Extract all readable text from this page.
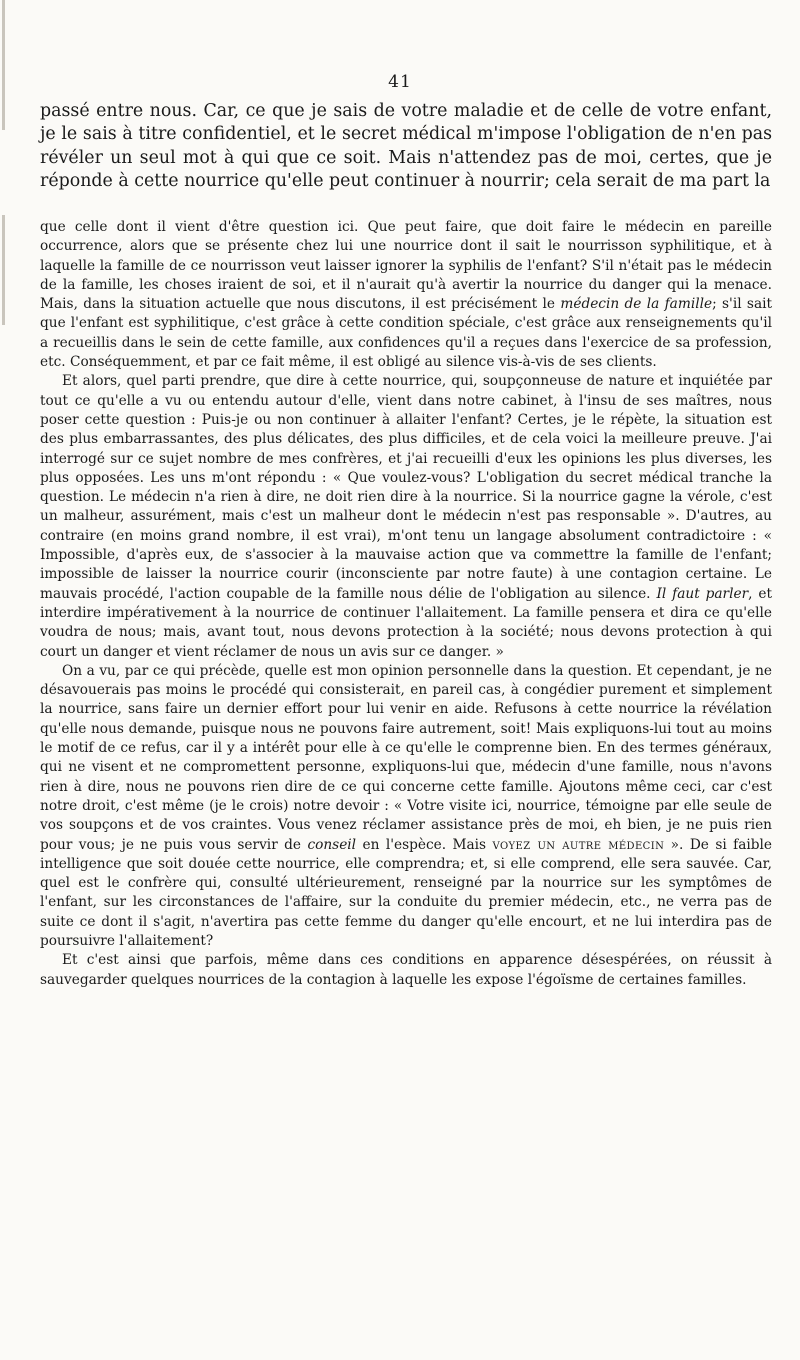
41

passé entre nous. Car, ce que je sais de votre maladie et de celle de votre enfant, je le sais à titre confidentiel, et le secret médical m'impose l'obligation de n'en pas révéler un seul mot à qui que ce soit. Mais n'attendez pas de moi, certes, que je réponde à cette nourrice qu'elle peut continuer à nourrir; cela serait de ma part la

que celle dont il vient d'être question ici. Que peut faire, que doit faire le médecin en pareille occurrence, alors que se présente chez lui une nourrice dont il sait le nourrisson syphilitique, et à laquelle la famille de ce nourrisson veut laisser ignorer la syphilis de l'enfant? S'il n'était pas le médecin de la famille, les choses iraient de soi, et il n'aurait qu'à avertir la nourrice du danger qui la menace. Mais, dans la situation actuelle que nous discutons, il est précisément le médecin de la famille; s'il sait que l'enfant est syphilitique, c'est grâce à cette condition spéciale, c'est grâce aux renseignements qu'il a recueillis dans le sein de cette famille, aux confidences qu'il a reçues dans l'exercice de sa profession, etc. Conséquemment, et par ce fait même, il est obligé au silence vis-à-vis de ses clients.

Et alors, quel parti prendre, que dire à cette nourrice, qui, soupçonneuse de nature et inquiétée par tout ce qu'elle a vu ou entendu autour d'elle, vient dans notre cabinet, à l'insu de ses maîtres, nous poser cette question : Puis-je ou non continuer à allaiter l'enfant? Certes, je le répète, la situation est des plus embarrassantes, des plus délicates, des plus difficiles, et de cela voici la meilleure preuve. J'ai interrogé sur ce sujet nombre de mes confrères, et j'ai recueilli d'eux les opinions les plus diverses, les plus opposées. Les uns m'ont répondu : « Que voulez-vous? L'obligation du secret médical tranche la question. Le médecin n'a rien à dire, ne doit rien dire à la nourrice. Si la nourrice gagne la vérole, c'est un malheur, assurément, mais c'est un malheur dont le médecin n'est pas responsable ». D'autres, au contraire (en moins grand nombre, il est vrai), m'ont tenu un langage absolument contradictoire : « Impossible, d'après eux, de s'associer à la mauvaise action que va commettre la famille de l'enfant; impossible de laisser la nourrice courir (inconsciente par notre faute) à une contagion certaine. Le mauvais procédé, l'action coupable de la famille nous délie de l'obligation au silence. Il faut parler, et interdire impérativement à la nourrice de continuer l'allaitement. La famille pensera et dira ce qu'elle voudra de nous; mais, avant tout, nous devons protection à la société; nous devons protection à qui court un danger et vient réclamer de nous un avis sur ce danger. »

On a vu, par ce qui précède, quelle est mon opinion personnelle dans la question. Et cependant, je ne désavouerais pas moins le procédé qui consisterait, en pareil cas, à congédier purement et simplement la nourrice, sans faire un dernier effort pour lui venir en aide. Refusons à cette nourrice la révélation qu'elle nous demande, puisque nous ne pouvons faire autrement, soit! Mais expliquons-lui tout au moins le motif de ce refus, car il y a intérêt pour elle à ce qu'elle le comprenne bien. En des termes généraux, qui ne visent et ne compromettent personne, expliquons-lui que, médecin d'une famille, nous n'avons rien à dire, nous ne pouvons rien dire de ce qui concerne cette famille. Ajoutons même ceci, car c'est notre droit, c'est même (je le crois) notre devoir : « Votre visite ici, nourrice, témoigne par elle seule de vos soupçons et de vos craintes. Vous venez réclamer assistance près de moi, eh bien, je ne puis rien pour vous; je ne puis vous servir de conseil en l'espèce. Mais voyez un autre médecin ». De si faible intelligence que soit douée cette nourrice, elle comprendra; et, si elle comprend, elle sera sauvée. Car, quel est le confrère qui, consulté ultérieurement, renseigné par la nourrice sur les symptômes de l'enfant, sur les circonstances de l'affaire, sur la conduite du premier médecin, etc., ne verra pas de suite ce dont il s'agit, n'avertira pas cette femme du danger qu'elle encourt, et ne lui interdira pas de poursuivre l'allaitement?

Et c'est ainsi que parfois, même dans ces conditions en apparence désespérées, on réussit à sauvegarder quelques nourrices de la contagion à laquelle les expose l'égoïsme de certaines familles.
